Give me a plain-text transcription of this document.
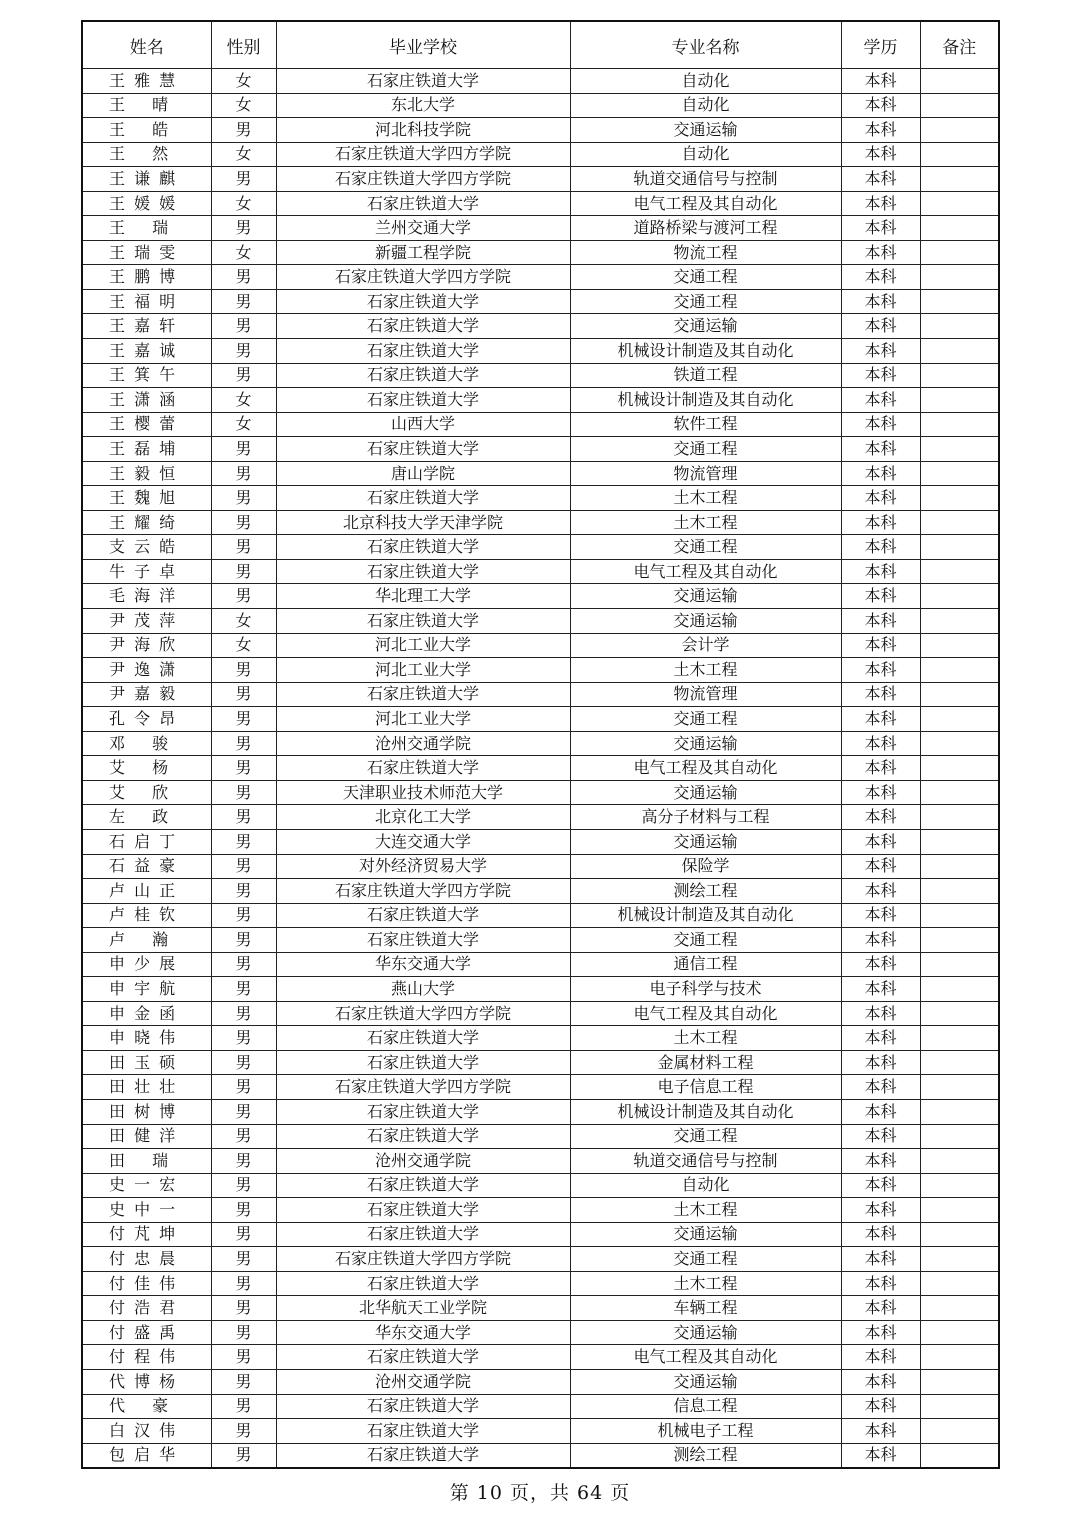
姓名	性别	毕业学校	专业名称	学历	备注
王 雅 慧	女	石家庄铁道大学	自动化	本科	
王　 晴	女	东北大学	自动化	本科	
王　 皓	男	河北科技学院	交通运输	本科	
王　 然	女	石家庄铁道大学四方学院	自动化	本科	
王 谦 麒	男	石家庄铁道大学四方学院	轨道交通信号与控制	本科	
王 媛 媛	女	石家庄铁道大学	电气工程及其自动化	本科	
王　 瑞	男	兰州交通大学	道路桥梁与渡河工程	本科	
王 瑞 雯	女	新疆工程学院	物流工程	本科	
王 鹏 博	男	石家庄铁道大学四方学院	交通工程	本科	
王 福 明	男	石家庄铁道大学	交通工程	本科	
王 嘉 轩	男	石家庄铁道大学	交通运输	本科	
王 嘉 诚	男	石家庄铁道大学	机械设计制造及其自动化	本科	
王 箕 午	男	石家庄铁道大学	铁道工程	本科	
王 潇 涵	女	石家庄铁道大学	机械设计制造及其自动化	本科	
王 樱 蕾	女	山西大学	软件工程	本科	
王 磊 埔	男	石家庄铁道大学	交通工程	本科	
王 毅 恒	男	唐山学院	物流管理	本科	
王 魏 旭	男	石家庄铁道大学	土木工程	本科	
王 耀 绮	男	北京科技大学天津学院	土木工程	本科	
支 云 皓	男	石家庄铁道大学	交通工程	本科	
牛 子 卓	男	石家庄铁道大学	电气工程及其自动化	本科	
毛 海 洋	男	华北理工大学	交通运输	本科	
尹 茂 萍	女	石家庄铁道大学	交通运输	本科	
尹 海 欣	女	河北工业大学	会计学	本科	
尹 逸 潇	男	河北工业大学	土木工程	本科	
尹 嘉 毅	男	石家庄铁道大学	物流管理	本科	
孔 令 昂	男	河北工业大学	交通工程	本科	
邓　 骏	男	沧州交通学院	交通运输	本科	
艾　 杨	男	石家庄铁道大学	电气工程及其自动化	本科	
艾　 欣	男	天津职业技术师范大学	交通运输	本科	
左　 政	男	北京化工大学	高分子材料与工程	本科	
石 启 丁	男	大连交通大学	交通运输	本科	
石 益 豪	男	对外经济贸易大学	保险学	本科	
卢 山 正	男	石家庄铁道大学四方学院	测绘工程	本科	
卢 桂 钦	男	石家庄铁道大学	机械设计制造及其自动化	本科	
卢　 瀚	男	石家庄铁道大学	交通工程	本科	
申 少 展	男	华东交通大学	通信工程	本科	
申 宇 航	男	燕山大学	电子科学与技术	本科	
申 金 函	男	石家庄铁道大学四方学院	电气工程及其自动化	本科	
申 晓 伟	男	石家庄铁道大学	土木工程	本科	
田 玉 硕	男	石家庄铁道大学	金属材料工程	本科	
田 壮 壮	男	石家庄铁道大学四方学院	电子信息工程	本科	
田 树 博	男	石家庄铁道大学	机械设计制造及其自动化	本科	
田 健 洋	男	石家庄铁道大学	交通工程	本科	
田　 瑞	男	沧州交通学院	轨道交通信号与控制	本科	
史 一 宏	男	石家庄铁道大学	自动化	本科	
史 中 一	男	石家庄铁道大学	土木工程	本科	
付 芃 坤	男	石家庄铁道大学	交通运输	本科	
付 忠 晨	男	石家庄铁道大学四方学院	交通工程	本科	
付 佳 伟	男	石家庄铁道大学	土木工程	本科	
付 浩 君	男	北华航天工业学院	车辆工程	本科	
付 盛 禹	男	华东交通大学	交通运输	本科	
付 程 伟	男	石家庄铁道大学	电气工程及其自动化	本科	
代 博 杨	男	沧州交通学院	交通运输	本科	
代　 豪	男	石家庄铁道大学	信息工程	本科	
白 汉 伟	男	石家庄铁道大学	机械电子工程	本科	
包 启 华	男	石家庄铁道大学	测绘工程	本科	
第 10 页，共 64 页
